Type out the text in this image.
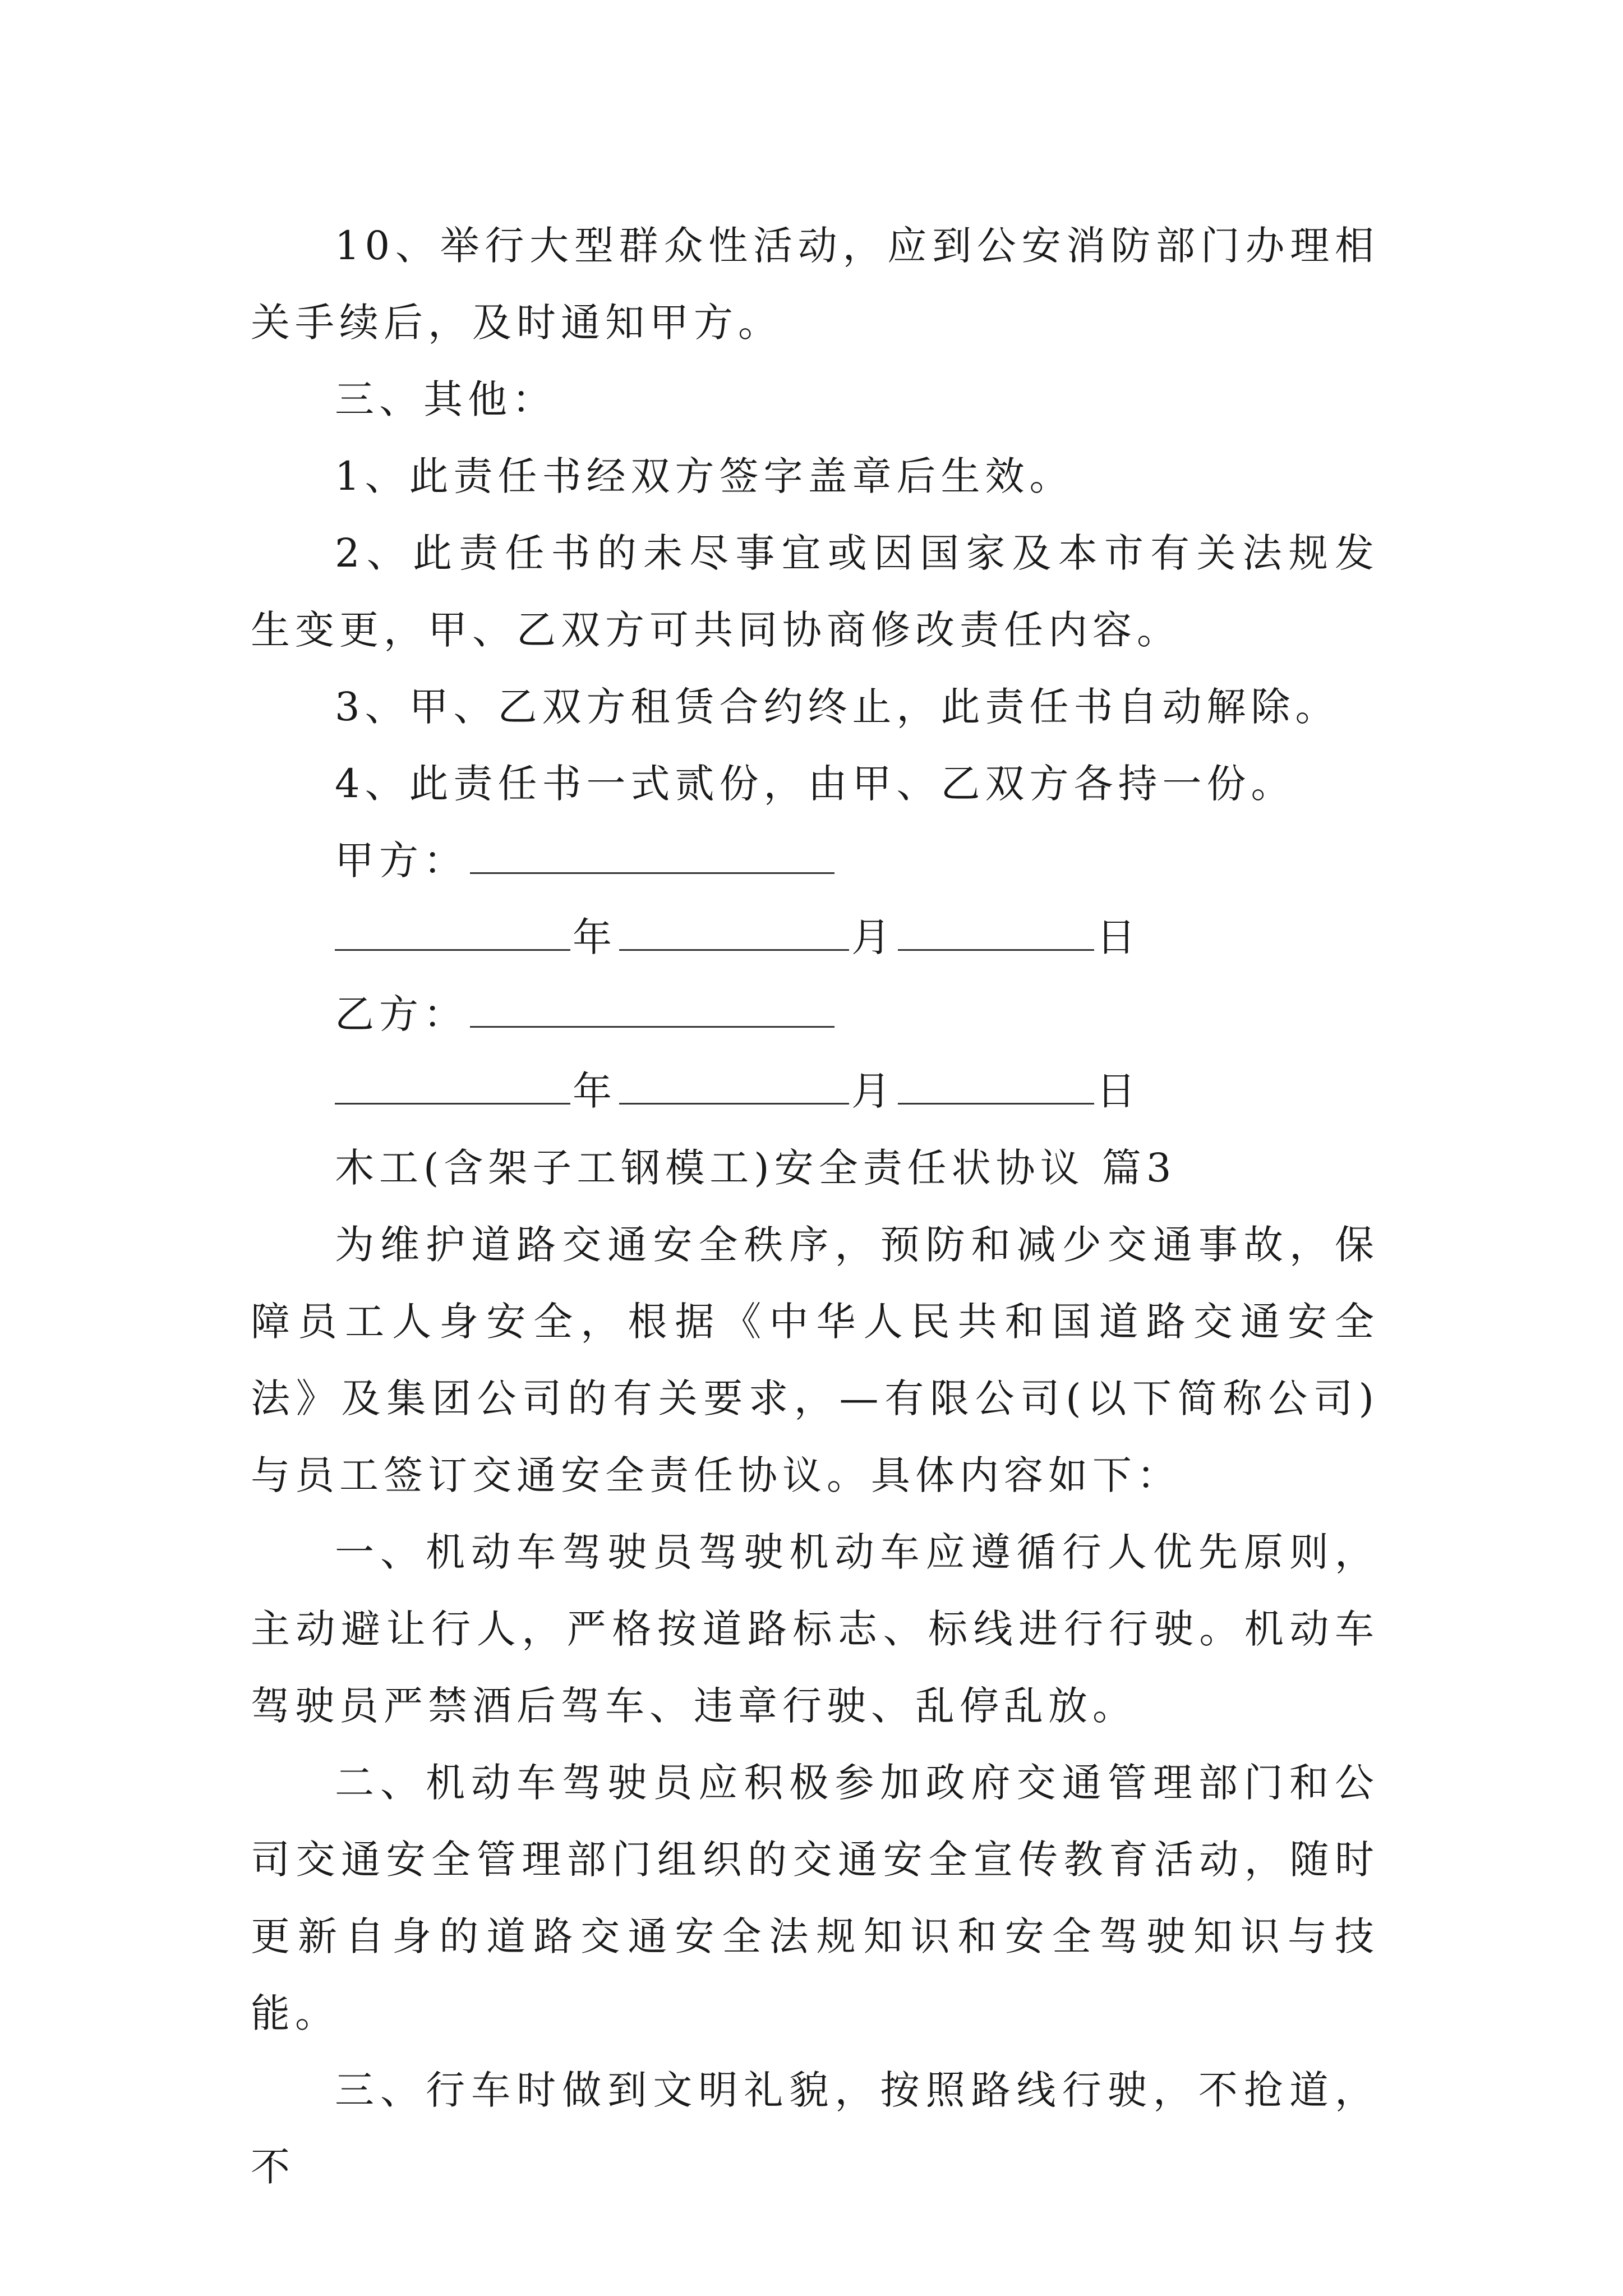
10、举行大型群众性活动，应到公安消防部门办理相关手续后，及时通知甲方。

三、其他：

1、此责任书经双方签字盖章后生效。

2、此责任书的未尽事宜或因国家及本市有关法规发生变更，甲、乙双方可共同协商修改责任内容。

3、甲、乙双方租赁合约终止，此责任书自动解除。

4、此责任书一式贰份，由甲、乙双方各持一份。

甲方：
年	月	日
乙方：
年	月	日

木工(含架子工钢模工)安全责任状协议 篇3

为维护道路交通安全秩序，预防和减少交通事故，保障员工人身安全，根据《中华人民共和国道路交通安全法》及集团公司的有关要求，—有限公司(以下简称公司)与员工签订交通安全责任协议。具体内容如下：

一、机动车驾驶员驾驶机动车应遵循行人优先原则，主动避让行人，严格按道路标志、标线进行行驶。机动车驾驶员严禁酒后驾车、违章行驶、乱停乱放。

二、机动车驾驶员应积极参加政府交通管理部门和公司交通安全管理部门组织的交通安全宣传教育活动，随时更新自身的道路交通安全法规知识和安全驾驶知识与技能。

三、行车时做到文明礼貌，按照路线行驶，不抢道，不
